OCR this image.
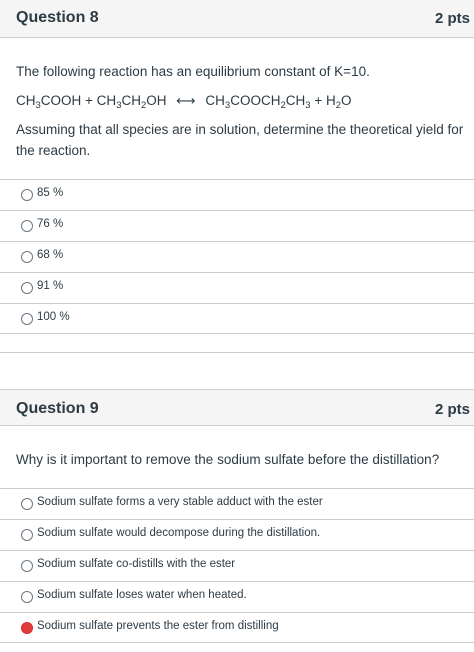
Question 8	2 pts
The following reaction has an equilibrium constant of K=10.
$CH_3COOH + CH_3CH_2OH$ ⟷ $CH_3COOCH_2CH_3 + H_2O$
Assuming that all species are in solution, determine the theoretical yield for the reaction.
85 %
76 %
68 %
91 %
100 %
Question 9	2 pts
Why is it important to remove the sodium sulfate before the distillation?
Sodium sulfate forms a very stable adduct with the ester
Sodium sulfate would decompose during the distillation.
Sodium sulfate co-distills with the ester
Sodium sulfate loses water when heated.
Sodium sulfate prevents the ester from distilling
